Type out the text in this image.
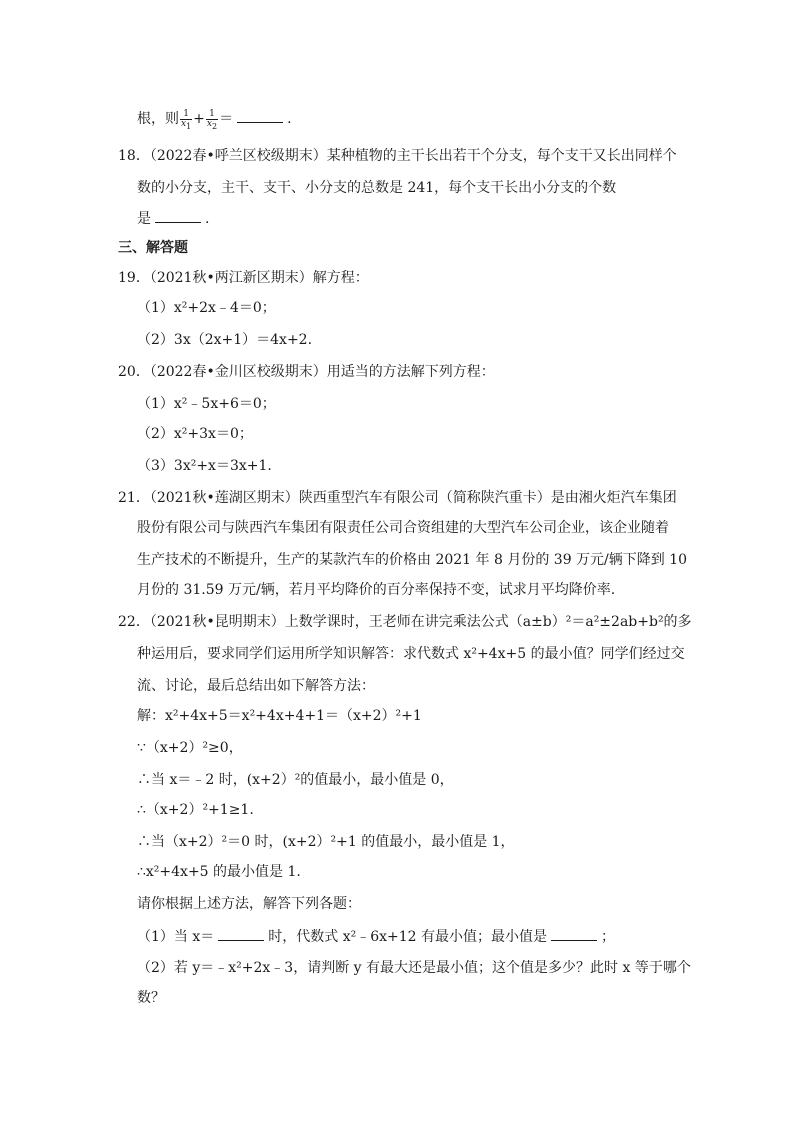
根，则 $\frac{1}{x_1} + \frac{1}{x_2}$ ＝	.
18．（2022春•呼兰区校级期末）某种植物的主干长出若干个分支，每个支干又长出同样个
数的小分支，主干、支干、小分支的总数是 241，每个支干长出小分支的个数
是	.
三、解答题
19．（2021秋•两江新区期末）解方程：
（1）x²+2x﹣4＝0；
（2）3x（2x+1）＝4x+2.
20．（2022春•金川区校级期末）用适当的方法解下列方程：
（1）x²﹣5x+6＝0；
（2）x²+3x＝0；
（3）3x²+x＝3x+1.
21．（2021秋•莲湖区期末）陕西重型汽车有限公司（简称陕汽重卡）是由湘火炬汽车集团
股份有限公司与陕西汽车集团有限责任公司合资组建的大型汽车公司企业，该企业随着
生产技术的不断提升，生产的某款汽车的价格由 2021 年 8 月份的 39 万元/辆下降到 10
月份的 31.59 万元/辆，若月平均降价的百分率保持不变，试求月平均降价率.
22．（2021秋•昆明期末）上数学课时，王老师在讲完乘法公式（a±b）²＝a²±2ab+b²的多
种运用后，要求同学们运用所学知识解答：求代数式 x²+4x+5 的最小值？同学们经过交
流、讨论，最后总结出如下解答方法：
解：x²+4x+5＝x²+4x+4+1＝（x+2）²+1
∵（x+2）²≥0，
∴当 x＝﹣2 时，(x+2）²的值最小，最小值是 0，
∴（x+2）²+1≥1.
∴当（x+2）²＝0 时，(x+2）²+1 的值最小，最小值是 1，
∴x²+4x+5 的最小值是 1.
请你根据上述方法，解答下列各题：
（1）当 x＝	时，代数式 x²﹣6x+12 有最小值；最小值是	；
（2）若 y＝﹣x²+2x﹣3，请判断 y 有最大还是最小值；这个值是多少？此时 x 等于哪个
数？
